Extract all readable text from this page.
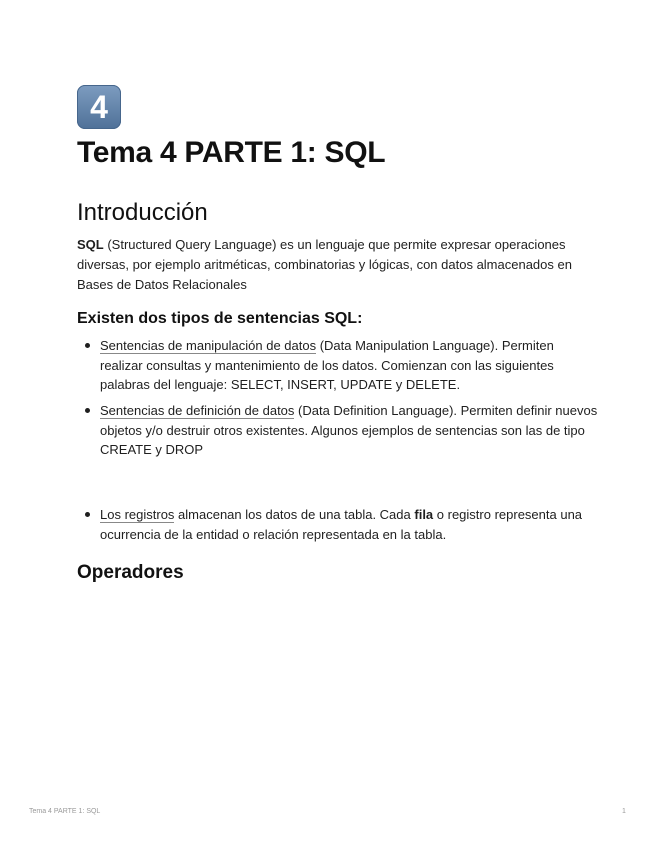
4
Tema 4 PARTE 1: SQL
Introducción

SQL (Structured Query Language) es un lenguaje que permite expresar operaciones diversas, por ejemplo aritméticas, combinatorias y lógicas, con datos almacenados en Bases de Datos Relacionales

Existen dos tipos de sentencias SQL:
Sentencias de manipulación de datos (Data Manipulation Language). Permiten realizar consultas y mantenimiento de los datos. Comienzan con las siguientes palabras del lenguaje: SELECT, INSERT, UPDATE y DELETE.
Sentencias de definición de datos (Data Definition Language). Permiten definir nuevos objetos y/o destruir otros existentes. Algunos ejemplos de sentencias son las de tipo CREATE y DROP
Los registros almacenan los datos de una tabla. Cada fila o registro representa una ocurrencia de la entidad o relación representada en la tabla.
Operadores
Tema 4 PARTE 1: SQL	1
